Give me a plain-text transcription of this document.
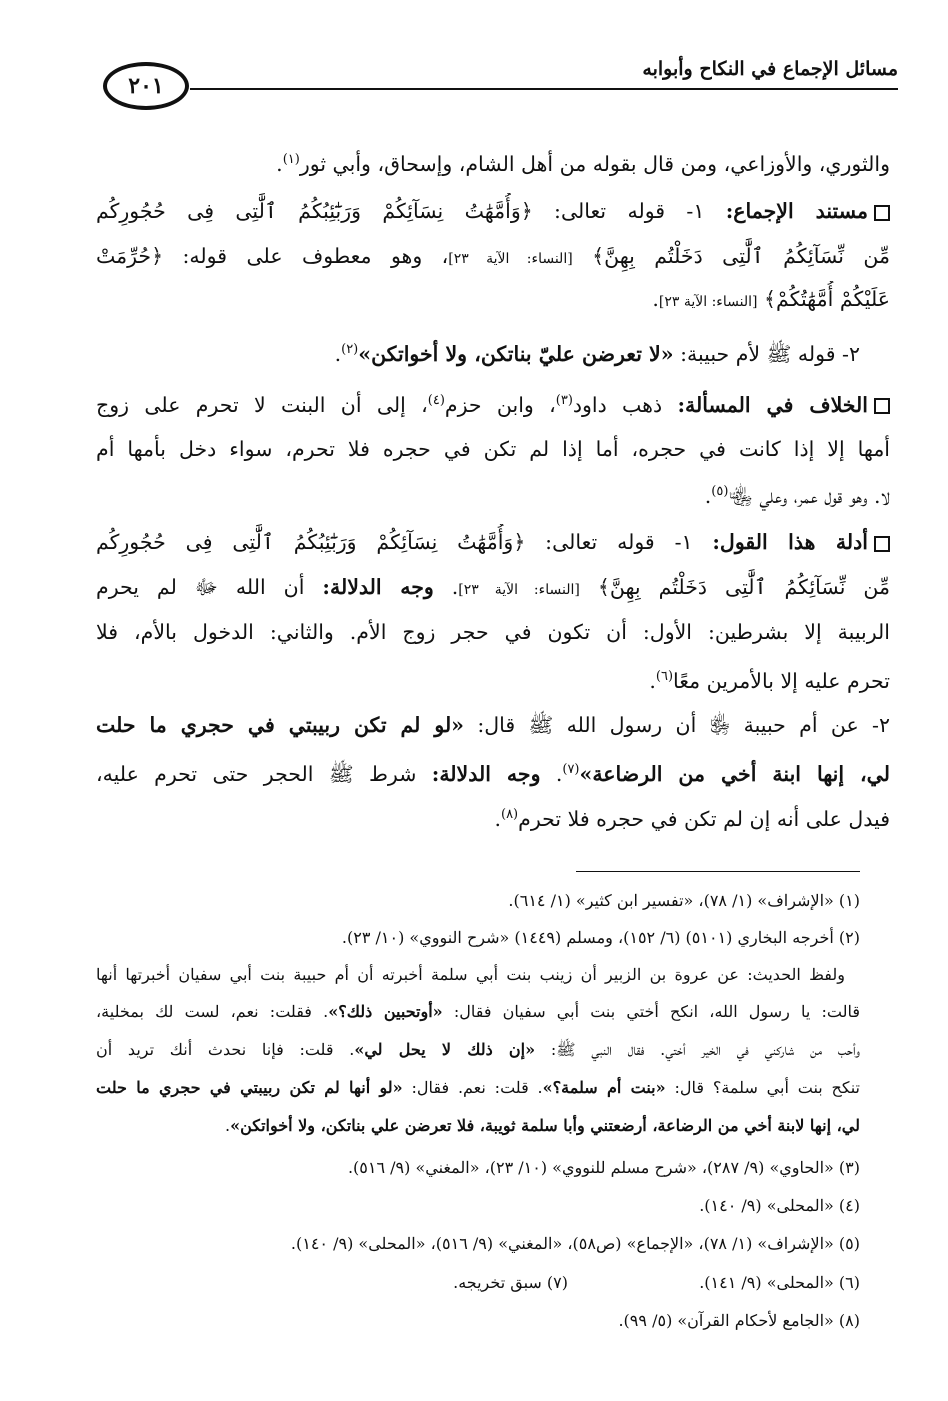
مسائل الإجماع في النكاح وأبوابه
٢٠١
والثوري، والأوزاعي، ومن قال بقوله من أهل الشام، وإسحاق، وأبي ثور$^{(١)}$.
مستند الإجماع: ١- قوله تعالى: ﴿وَأُمَّهَٰتُ نِسَآئِكُمْ وَرَبَٰٓئِبُكُمُ ٱلَّٰتِى فِى حُجُورِكُم
مِّن نِّسَآئِكُمُ ٱلَّٰتِى دَخَلْتُم بِهِنَّ﴾ [النساء: الآية ٢٣]، وهو معطوف على قوله: ﴿حُرِّمَتْ
عَلَيْكُمْ أُمَّهَٰتُكُمْ﴾ [النساء: الآية ٢٣].
٢- قوله ﷺ لأم حبيبة: «لا تعرضن عليّ بناتكن، ولا أخواتكن»$^{(٢)}$.
الخلاف في المسألة: ذهب داود$^{(٣)}$، وابن حزم$^{(٤)}$، إلى أن البنت لا تحرم على زوج
أمها إلا إذا كانت في حجره، أما إذا لم تكن في حجره فلا تحرم، سواء دخل بأمها أم
لا. وهو قول عمر، وعلي ﵄$^{(٥)}$.
أدلة هذا القول: ١- قوله تعالى: ﴿وَأُمَّهَٰتُ نِسَآئِكُمْ وَرَبَٰٓئِبُكُمُ ٱلَّٰتِى فِى حُجُورِكُم
مِّن نِّسَآئِكُمُ ٱلَّٰتِى دَخَلْتُم بِهِنَّ﴾ [النساء: الآية ٢٣]. وجه الدلالة: أن الله ﷻ لم يحرم
الربيبة إلا بشرطين: الأول: أن تكون في حجر زوج الأم. والثاني: الدخول بالأم، فلا
تحرم عليه إلا بالأمرين معًا$^{(٦)}$.
٢- عن أم حبيبة ﵂ أن رسول الله ﷺ قال: «لو لم تكن ربيبتي في حجري ما حلت
لي، إنها ابنة أخي من الرضاعة»$^{(٧)}$. وجه الدلالة: شرط ﷺ الحجر حتى تحرم عليه،
فيدل على أنه إن لم تكن في حجره فلا تحرم$^{(٨)}$.
(١) «الإشراف» (١/ ٧٨)، «تفسير ابن كثير» (١/ ٦١٤).
(٢) أخرجه البخاري (٥١٠١) (٦/ ١٥٢)، ومسلم (١٤٤٩) «شرح النووي» (١٠/ ٢٣).
ولفظ الحديث: عن عروة بن الزبير أن زينب بنت أبي سلمة أخبرته أن أم حبيبة بنت أبي سفيان أخبرتها أنها
قالت: يا رسول الله، انكح أختي بنت أبي سفيان فقال: «أوتحبين ذلك؟». فقلت: نعم، لست لك بمخلية،
وأحب من شاركني في الخير أختي. فقال النبي ﷺ: «إن ذلك لا يحل لي». قلت: فإنا نحدث أنك تريد أن
تنكح بنت أبي سلمة؟ قال: «بنت أم سلمة؟». قلت: نعم. فقال: «لو أنها لم تكن ربيبتي في حجري ما حلت
لي، إنها لابنة أخي من الرضاعة، أرضعتني وأبا سلمة ثويبة، فلا تعرضن علي بناتكن، ولا أخواتكن».
(٣) «الحاوي» (٩/ ٢٨٧)، «شرح مسلم للنووي» (١٠/ ٢٣)، «المغني» (٩/ ٥١٦).
(٤) «المحلى» (٩/ ١٤٠).
(٥) «الإشراف» (١/ ٧٨)، «الإجماع» (ص٥٨)، «المغني» (٩/ ٥١٦)، «المحلى» (٩/ ١٤٠).
(٦) «المحلى» (٩/ ١٤١).
(٧) سبق تخريجه.
(٨) «الجامع لأحكام القرآن» (٥/ ٩٩).
